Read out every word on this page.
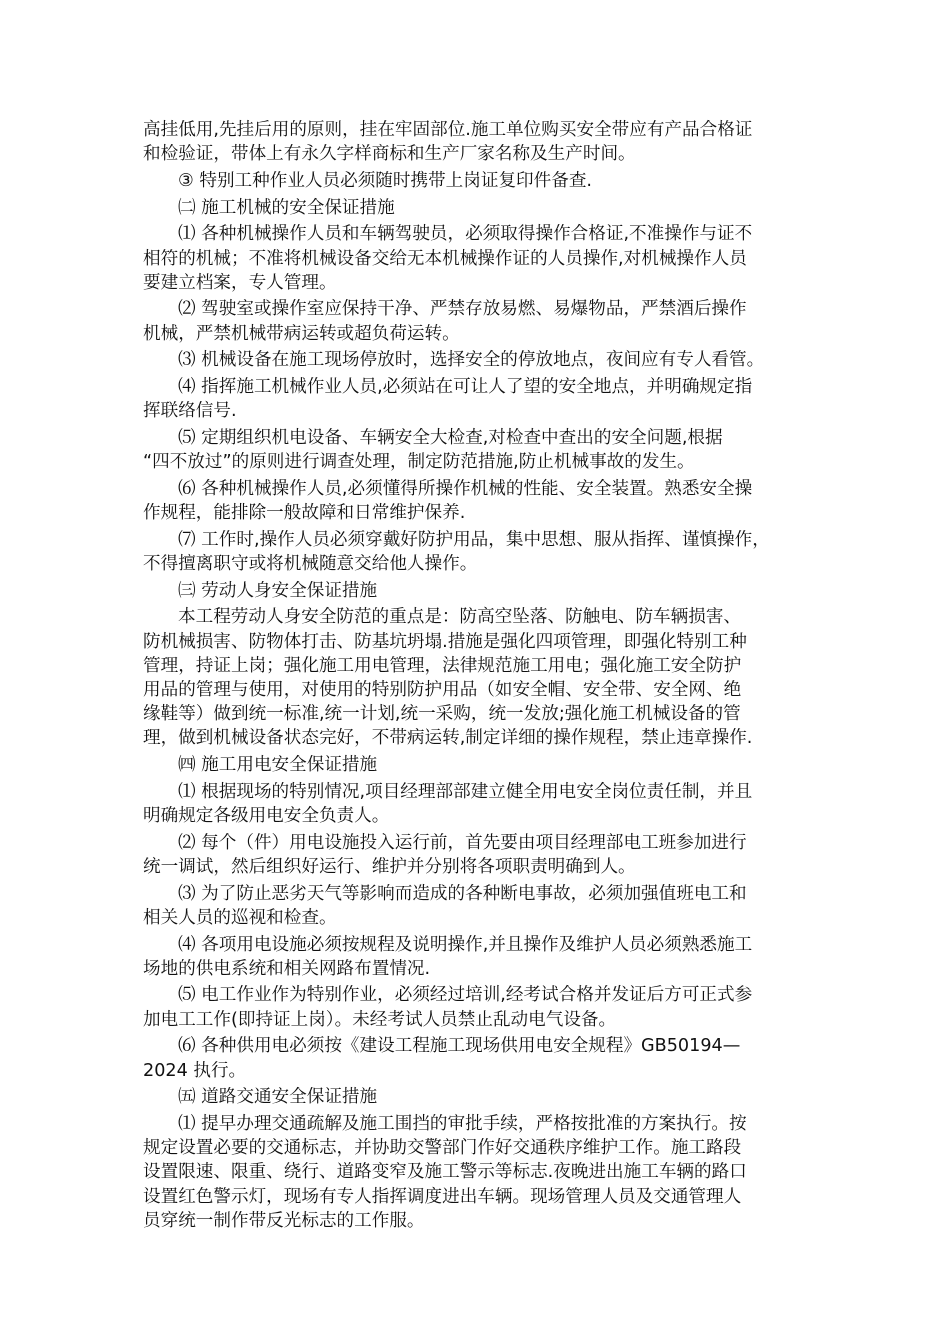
高挂低用,先挂后用的原则，挂在牢固部位.施工单位购买安全带应有产品合格证
和检验证，带体上有永久字样商标和生产厂家名称及生产时间。

③ 特别工种作业人员必须随时携带上岗证复印件备查.

㈡ 施工机械的安全保证措施

⑴ 各种机械操作人员和车辆驾驶员，必须取得操作合格证,不准操作与证不
相符的机械；不准将机械设备交给无本机械操作证的人员操作,对机械操作人员
要建立档案，专人管理。

⑵ 驾驶室或操作室应保持干净、严禁存放易燃、易爆物品，严禁酒后操作
机械，严禁机械带病运转或超负荷运转。

⑶ 机械设备在施工现场停放时，选择安全的停放地点，夜间应有专人看管。

⑷ 指挥施工机械作业人员,必须站在可让人了望的安全地点，并明确规定指
挥联络信号.

⑸ 定期组织机电设备、车辆安全大检查,对检查中查出的安全问题,根据
“四不放过”的原则进行调查处理，制定防范措施,防止机械事故的发生。

⑹ 各种机械操作人员,必须懂得所操作机械的性能、安全装置。熟悉安全操
作规程，能排除一般故障和日常维护保养.

⑺ 工作时,操作人员必须穿戴好防护用品，集中思想、服从指挥、谨慎操作，
不得擅离职守或将机械随意交给他人操作。

㈢ 劳动人身安全保证措施

本工程劳动人身安全防范的重点是：防高空坠落、防触电、防车辆损害、
防机械损害、防物体打击、防基坑坍塌.措施是强化四项管理，即强化特别工种
管理，持证上岗；强化施工用电管理，法律规范施工用电；强化施工安全防护
用品的管理与使用，对使用的特别防护用品（如安全帽、安全带、安全网、绝
缘鞋等）做到统一标准,统一计划,统一采购，统一发放;强化施工机械设备的管
理，做到机械设备状态完好，不带病运转,制定详细的操作规程，禁止违章操作.

㈣ 施工用电安全保证措施

⑴ 根据现场的特别情况,项目经理部部建立健全用电安全岗位责任制，并且
明确规定各级用电安全负责人。

⑵ 每个（件）用电设施投入运行前，首先要由项目经理部电工班参加进行
统一调试，然后组织好运行、维护并分别将各项职责明确到人。

⑶ 为了防止恶劣天气等影响而造成的各种断电事故，必须加强值班电工和
相关人员的巡视和检查。

⑷ 各项用电设施必须按规程及说明操作,并且操作及维护人员必须熟悉施工
场地的供电系统和相关网路布置情况.

⑸ 电工作业作为特别作业，必须经过培训,经考试合格并发证后方可正式参
加电工工作(即持证上岗）。未经考试人员禁止乱动电气设备。

⑹ 各种供用电必须按《建设工程施工现场供用电安全规程》GB50194—
2024 执行。

㈤ 道路交通安全保证措施

⑴ 提早办理交通疏解及施工围挡的审批手续，严格按批准的方案执行。按
规定设置必要的交通标志，并协助交警部门作好交通秩序维护工作。施工路段
设置限速、限重、绕行、道路变窄及施工警示等标志.夜晚进出施工车辆的路口
设置红色警示灯，现场有专人指挥调度进出车辆。现场管理人员及交通管理人
员穿统一制作带反光标志的工作服。
